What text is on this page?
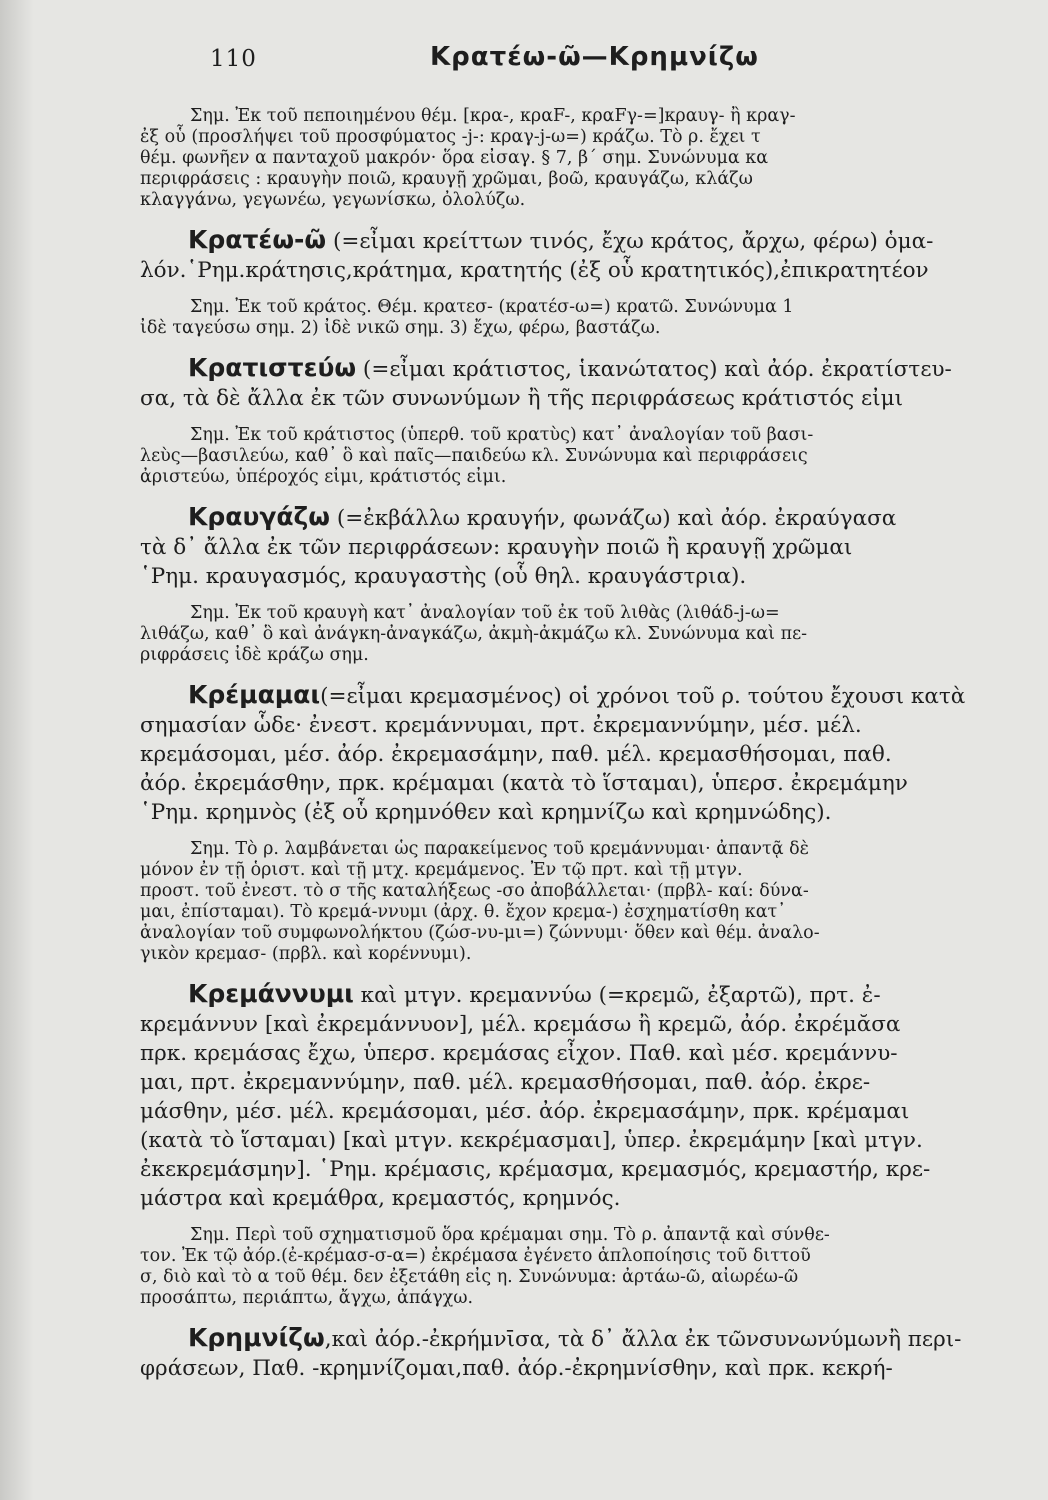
110	Κρατέω-ῶ—Κρημνίζω
Σημ. Ἐκ τοῦ πεποιημένου θέμ. [κρα-, κραF-, κραFγ-=]κραυγ- ἢ κραγ-
ἐξ οὗ (προσλήψει τοῦ προσφύματος -j-: κραγ-j-ω=) κράζω. Τὸ ρ. ἔχει τ
θέμ. φωνῆεν α πανταχοῦ μακρόν· ὅρα εἰσαγ. § 7, β΄ σημ. Συνώνυμα κα
περιφράσεις : κραυγὴν ποιῶ, κραυγῇ χρῶμαι, βοῶ, κραυγάζω, κλάζω
κλαγγάνω, γεγωνέω, γεγωνίσκω, ὀλολύζω.
Κρατέω-ῶ (=εἶμαι κρείττων τινός, ἔχω κράτος, ἄρχω, φέρω) ὁμα-
λόν.῾Ρημ.κράτησις,κράτημα, κρατητής (ἐξ οὗ κρατητικός),ἐπικρατητέον
Σημ. Ἐκ τοῦ κράτος. Θέμ. κρατεσ- (κρατέσ-ω=) κρατῶ. Συνώνυμα 1
ἰδὲ ταγεύσω σημ. 2) ἰδὲ νικῶ σημ. 3) ἔχω, φέρω, βαστάζω.
Κρατιστεύω (=εἶμαι κράτιστος, ἱκανώτατος) καὶ ἀόρ. ἐκρατίστευ-
σα, τὰ δὲ ἄλλα ἐκ τῶν συνωνύμων ἢ τῆς περιφράσεως κράτιστός εἰμι
Σημ. Ἐκ τοῦ κράτιστος (ὑπερθ. τοῦ κρατὺς) κατ᾽ ἀναλογίαν τοῦ βασι-
λεὺς—βασιλεύω, καθ᾽ ὃ καὶ παῖς—παιδεύω κλ. Συνώνυμα καὶ περιφράσεις
ἀριστεύω, ὑπέροχός εἰμι, κράτιστός εἰμι.
Κραυγάζω (=ἐκβάλλω κραυγήν, φωνάζω) καὶ ἀόρ. ἐκραύγασα
τὰ δ᾽ ἄλλα ἐκ τῶν περιφράσεων: κραυγὴν ποιῶ ἢ κραυγῇ χρῶμαι
῾Ρημ. κραυγασμός, κραυγαστὴς (οὗ θηλ. κραυγάστρια).
Σημ. Ἐκ τοῦ κραυγὴ κατ᾽ ἀναλογίαν τοῦ ἐκ τοῦ λιθὰς (λιθάδ-j-ω=
λιθάζω, καθ᾽ ὃ καὶ ἀνάγκη-ἀναγκάζω, ἀκμὴ-ἀκμάζω κλ. Συνώνυμα καὶ πε-
ριφράσεις ἰδὲ κράζω σημ.
Κρέμαμαι(=εἶμαι κρεμασμένος) οἱ χρόνοι τοῦ ρ. τούτου ἔχουσι κατὰ
σημασίαν ὧδε· ἐνεστ. κρεμάννυμαι, πρτ. ἐκρεμαννύμην, μέσ. μέλ.
κρεμάσομαι, μέσ. ἀόρ. ἐκρεμασάμην, παθ. μέλ. κρεμασθήσομαι, παθ.
ἀόρ. ἐκρεμάσθην, πρκ. κρέμαμαι (κατὰ τὸ ἵσταμαι), ὑπερσ. ἐκρεμάμην
῾Ρημ. κρημνὸς (ἐξ οὗ κρημνόθεν καὶ κρημνίζω καὶ κρημνώδης).
Σημ. Τὸ ρ. λαμβάνεται ὡς παρακείμενος τοῦ κρεμάννυμαι· ἀπαντᾷ δὲ
μόνον ἐν τῇ ὁριστ. καὶ τῇ μτχ. κρεμάμενος. Ἐν τῷ πρτ. καὶ τῇ μτγν.
προστ. τοῦ ἐνεστ. τὸ σ τῆς καταλήξεως -σο ἀποβάλλεται· (πρβλ- καί: δύνα-
μαι, ἐπίσταμαι). Τὸ κρεμά-ννυμι (ἀρχ. θ. ἔχον κρεμα-) ἐσχηματίσθη κατ᾽
ἀναλογίαν τοῦ συμφωνολήκτου (ζώσ-νυ-μι=) ζώννυμι· ὅθεν καὶ θέμ. ἀναλο-
γικὸν κρεμασ- (πρβλ. καὶ κορέννυμι).
Κρεμάννυμι καὶ μτγν. κρεμαννύω (=κρεμῶ, ἐξαρτῶ), πρτ. ἐ-
κρεμάννυν [καὶ ἐκρεμάννυον], μέλ. κρεμάσω ἢ κρεμῶ, ἀόρ. ἐκρέμᾰσα
πρκ. κρεμάσας ἔχω, ὑπερσ. κρεμάσας εἶχον. Παθ. καὶ μέσ. κρεμάννυ-
μαι, πρτ. ἐκρεμαννύμην, παθ. μέλ. κρεμασθήσομαι, παθ. ἀόρ. ἐκρε-
μάσθην, μέσ. μέλ. κρεμάσομαι, μέσ. ἀόρ. ἐκρεμασάμην, πρκ. κρέμαμαι
(κατὰ τὸ ἵσταμαι) [καὶ μτγν. κεκρέμασμαι], ὑπερ. ἐκρεμάμην [καὶ μτγν.
ἐκεκρεμάσμην]. ῾Ρημ. κρέμασις, κρέμασμα, κρεμασμός, κρεμαστήρ, κρε-
μάστρα καὶ κρεμάθρα, κρεμαστός, κρημνός.
Σημ. Περὶ τοῦ σχηματισμοῦ ὅρα κρέμαμαι σημ. Τὸ ρ. ἀπαντᾷ καὶ σύνθε-
τον. Ἐκ τῷ ἀόρ.(ἐ-κρέμασ-σ-α=) ἐκρέμασα ἐγένετο ἁπλοποίησις τοῦ διττοῦ
σ, διὸ καὶ τὸ α τοῦ θέμ. δεν ἐξετάθη εἰς η. Συνώνυμα: ἀρτάω-ῶ, αἰωρέω-ῶ
προσάπτω, περιάπτω, ἄγχω, ἀπάγχω.
Κρημνίζω,καὶ ἀόρ.-ἐκρήμνῑσα, τὰ δ᾽ ἄλλα ἐκ τῶνσυνωνύμωνἢ περι-
φράσεων, Παθ. -κρημνίζομαι,παθ. ἀόρ.-ἐκρημνίσθην, καὶ πρκ. κεκρή-
